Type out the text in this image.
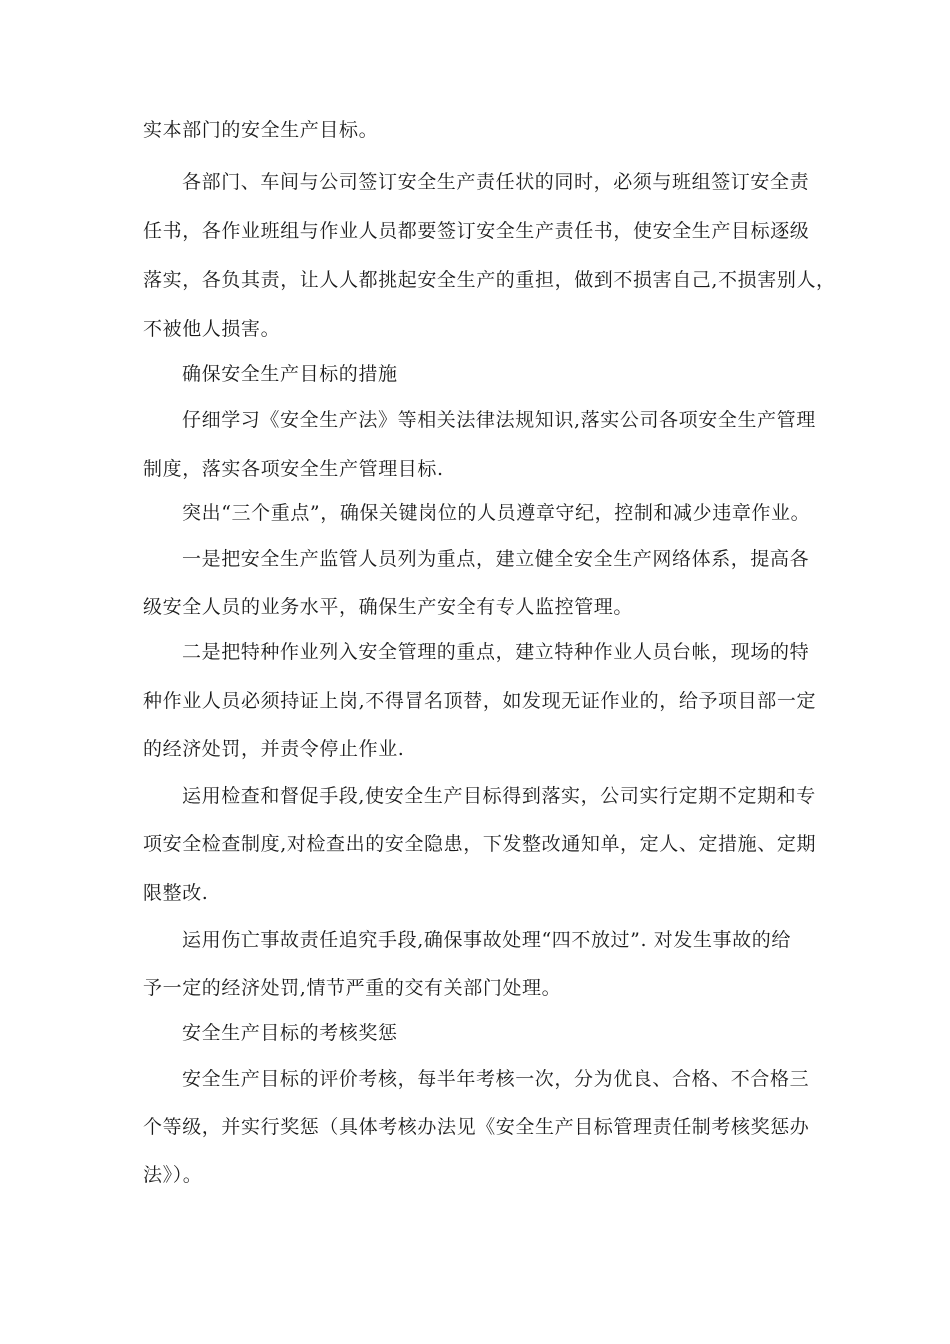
实本部门的安全生产目标。
各部门、车间与公司签订安全生产责任状的同时，必须与班组签订安全责
任书，各作业班组与作业人员都要签订安全生产责任书，使安全生产目标逐级
落实，各负其责，让人人都挑起安全生产的重担，做到不损害自己,不损害别人，
不被他人损害。
确保安全生产目标的措施
仔细学习《安全生产法》等相关法律法规知识,落实公司各项安全生产管理
制度，落实各项安全生产管理目标.
突出“三个重点”，确保关键岗位的人员遵章守纪，控制和减少违章作业。
一是把安全生产监管人员列为重点，建立健全安全生产网络体系，提高各
级安全人员的业务水平，确保生产安全有专人监控管理。
二是把特种作业列入安全管理的重点，建立特种作业人员台帐，现场的特
种作业人员必须持证上岗,不得冒名顶替，如发现无证作业的，给予项目部一定
的经济处罚，并责令停止作业.
运用检查和督促手段,使安全生产目标得到落实，公司实行定期不定期和专
项安全检查制度,对检查出的安全隐患，下发整改通知单，定人、定措施、定期
限整改.
运用伤亡事故责任追究手段,确保事故处理“四不放过”. 对发生事故的给
予一定的经济处罚,情节严重的交有关部门处理。
安全生产目标的考核奖惩
安全生产目标的评价考核，每半年考核一次，分为优良、合格、不合格三
个等级，并实行奖惩（具体考核办法见《安全生产目标管理责任制考核奖惩办
法》）。
